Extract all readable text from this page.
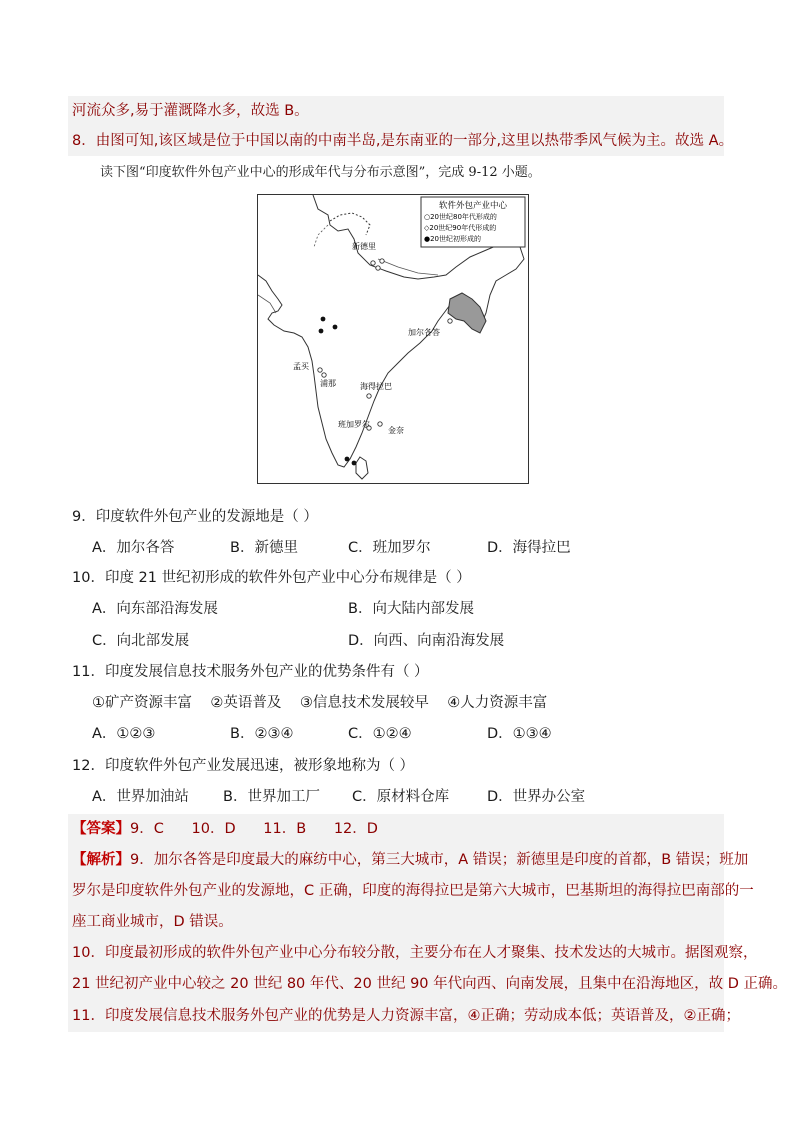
河流众多,易于灌溉降水多，故选 B。
8．由图可知,该区域是位于中国以南的中南半岛,是东南亚的一部分,这里以热带季风气候为主。故选 A。
读下图“印度软件外包产业中心的形成年代与分布示意图”，完成 9-12 小题。
软件外包产业中心
○20世纪80年代形成的
◇20世纪90年代形成的
●20世纪初形成的
新德里
加尔各答
孟买
浦那	海得拉巴
班加罗尔
金奈
9．印度软件外包产业的发源地是（ ）
A．加尔各答	B．新德里	C．班加罗尔	D．海得拉巴
10．印度 21 世纪初形成的软件外包产业中心分布规律是（ ）
A．向东部沿海发展	B．向大陆内部发展
C．向北部发展	D．向西、向南沿海发展
11．印度发展信息技术服务外包产业的优势条件有（ ）
①矿产资源丰富    ②英语普及    ③信息技术发展较早    ④人力资源丰富
A．①②③	B．②③④	C．①②④	D．①③④
12．印度软件外包产业发展迅速，被形象地称为（ ）
A．世界加油站 B．世界加工厂 C．原材料仓库	D．世界办公室
【答案】9．C      10．D      11．B      12．D
【解析】9．加尔各答是印度最大的麻纺中心，第三大城市，A 错误；新德里是印度的首都，B 错误；班加
罗尔是印度软件外包产业的发源地，C 正确，印度的海得拉巴是第六大城市，巴基斯坦的海得拉巴南部的一
座工商业城市，D 错误。
10．印度最初形成的软件外包产业中心分布较分散，主要分布在人才聚集、技术发达的大城市。据图观察，
21 世纪初产业中心较之 20 世纪 80 年代、20 世纪 90 年代向西、向南发展，且集中在沿海地区，故 D 正确。
11．印度发展信息技术服务外包产业的优势是人力资源丰富，④正确；劳动成本低；英语普及，②正确；
